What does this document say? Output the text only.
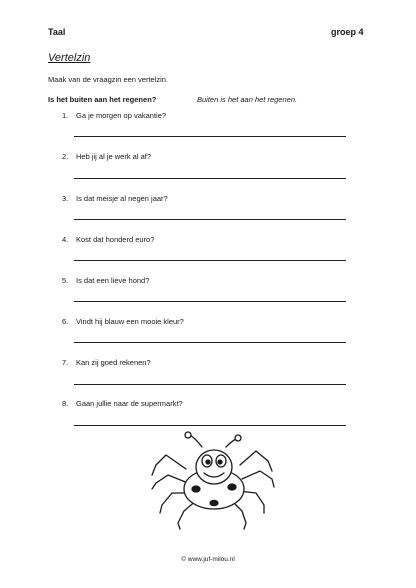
Taal	groep 4
Vertelzin
Maak van de vraagzin een vertelzin.
Is het buiten aan het regenen?	Buiten is het aan het regenen.
1. Ga je morgen op vakantie?
2. Heb jij al je werk al af?
3. Is dat meisje al negen jaar?
4. Kost dat honderd euro?
5. Is dat een lieve hond?
6. Vindt hij blauw een mooie kleur?
7. Kan zij goed rekenen?
8. Gaan jullie naar de supermarkt?
© www.juf-milou.nl
